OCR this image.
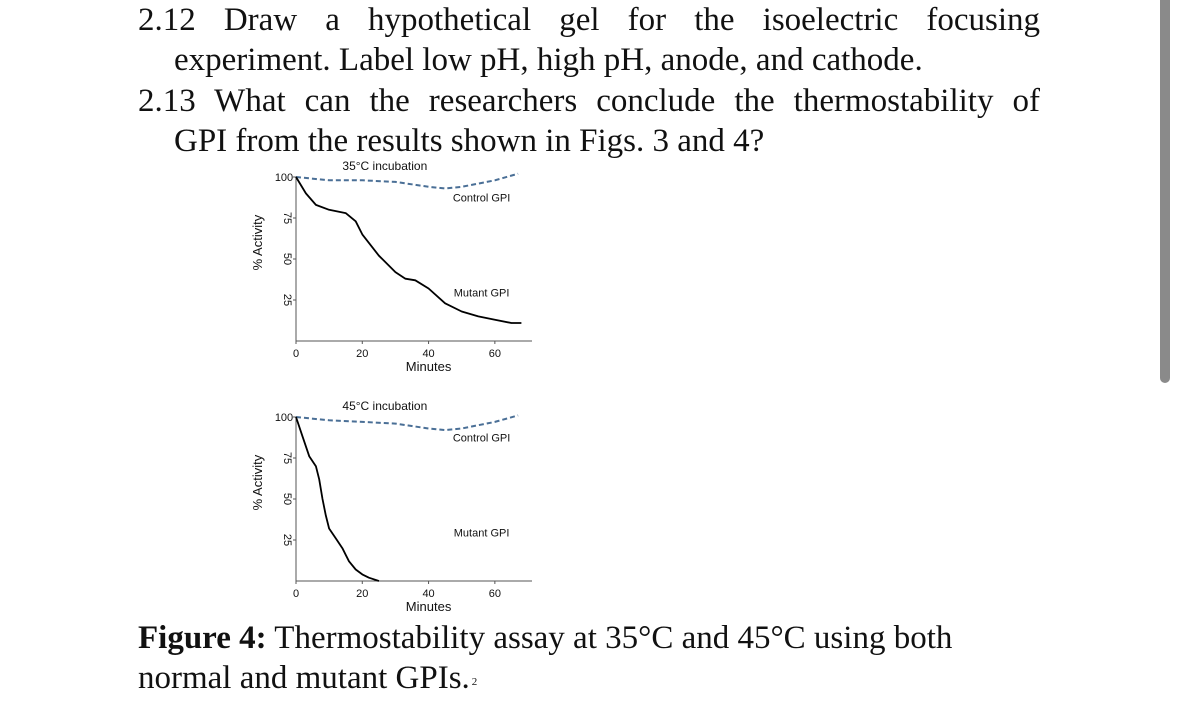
2.12 Draw a hypothetical gel for the isoelectric focusing
experiment. Label low pH, high pH, anode, and cathode.
2.13 What can the researchers conclude the thermostability of
GPI from the results shown in Figs. 3 and 4?
35°C incubation
100
75
50
25
0	20	40	60
Minutes
% Activity
Control GPI
Mutant GPI
45°C incubation
100
75
50
25
0	20	40	60
Minutes
% Activity
Control GPI
Mutant GPI
Figure 4: Thermostability assay at 35°C and 45°C using both
normal and mutant GPIs. $^2$
